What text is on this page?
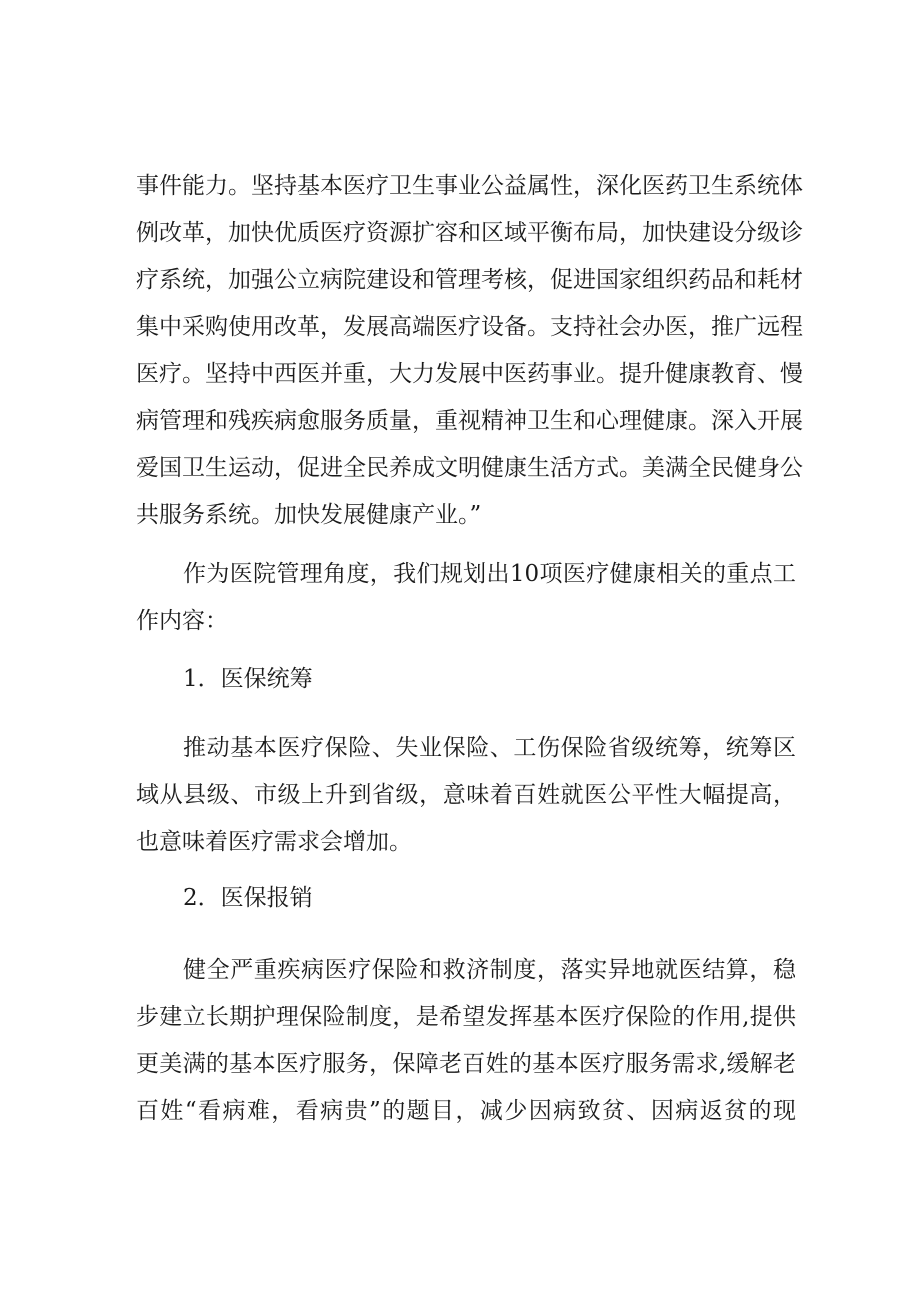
事件能力。坚持基本医疗卫生事业公益属性，深化医药卫生系统体
例改革，加快优质医疗资源扩容和区域平衡布局，加快建设分级诊
疗系统，加强公立病院建设和管理考核，促进国家组织药品和耗材
集中采购使用改革，发展高端医疗设备。支持社会办医，推广远程
医疗。坚持中西医并重，大力发展中医药事业。提升健康教育、慢
病管理和残疾病愈服务质量，重视精神卫生和心理健康。深入开展
爱国卫生运动，促进全民养成文明健康生活方式。美满全民健身公
共服务系统。加快发展健康产业。”
作为医院管理角度，我们规划出10项医疗健康相关的重点工
作内容：
1．医保统筹
推动基本医疗保险、失业保险、工伤保险省级统筹，统筹区
域从县级、市级上升到省级，意味着百姓就医公平性大幅提高，
也意味着医疗需求会增加。
2．医保报销
健全严重疾病医疗保险和救济制度，落实异地就医结算，稳
步建立长期护理保险制度，是希望发挥基本医疗保险的作用,提供
更美满的基本医疗服务，保障老百姓的基本医疗服务需求,缓解老
百姓“看病难，看病贵”的题目，减少因病致贫、因病返贫的现
